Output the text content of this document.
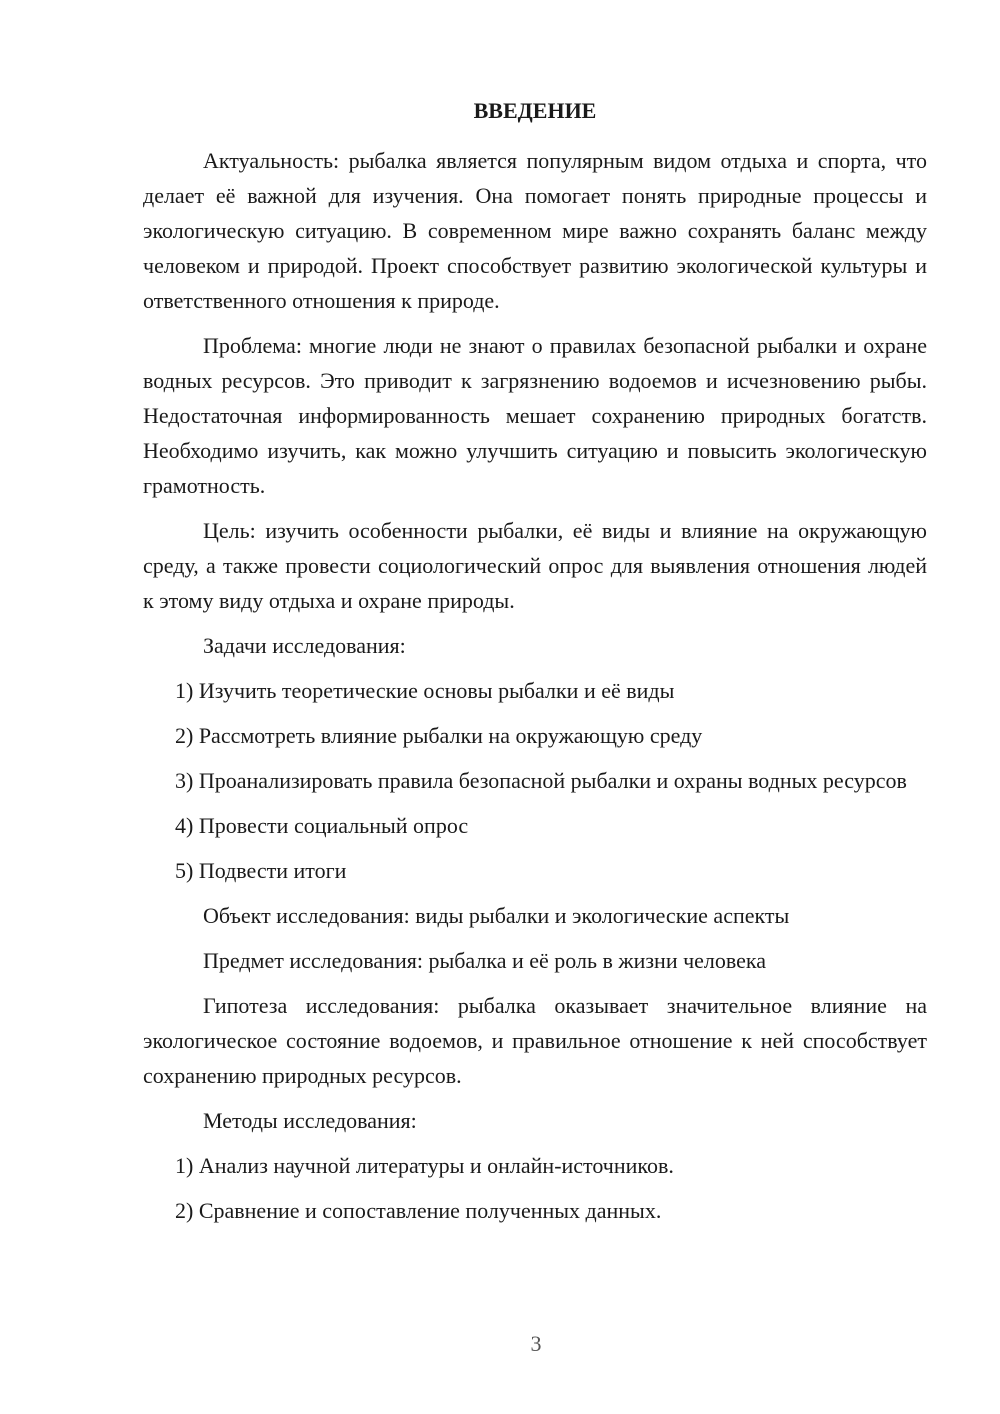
ВВЕДЕНИЕ

Актуальность: рыбалка является популярным видом отдыха и спорта, что делает её важной для изучения. Она помогает понять природные процессы и экологическую ситуацию. В современном мире важно сохранять баланс между человеком и природой. Проект способствует развитию экологической культуры и ответственного отношения к природе.

Проблема: многие люди не знают о правилах безопасной рыбалки и охране водных ресурсов. Это приводит к загрязнению водоемов и исчезновению рыбы. Недостаточная информированность мешает сохранению природных богатств. Необходимо изучить, как можно улучшить ситуацию и повысить экологическую грамотность.

Цель: изучить особенности рыбалки, её виды и влияние на окружающую среду, а также провести социологический опрос для выявления отношения людей к этому виду отдыха и охране природы.

Задачи исследования:

1) Изучить теоретические основы рыбалки и её виды

2) Рассмотреть влияние рыбалки на окружающую среду

3) Проанализировать правила безопасной рыбалки и охраны водных ресурсов

4) Провести социальный опрос

5) Подвести итоги

Объект исследования: виды рыбалки и экологические аспекты

Предмет исследования: рыбалка и её роль в жизни человека

Гипотеза исследования: рыбалка оказывает значительное влияние на экологическое состояние водоемов, и правильное отношение к ней способствует сохранению природных ресурсов.

Методы исследования:

1) Анализ научной литературы и онлайн-источников.

2) Сравнение и сопоставление полученных данных.

3
